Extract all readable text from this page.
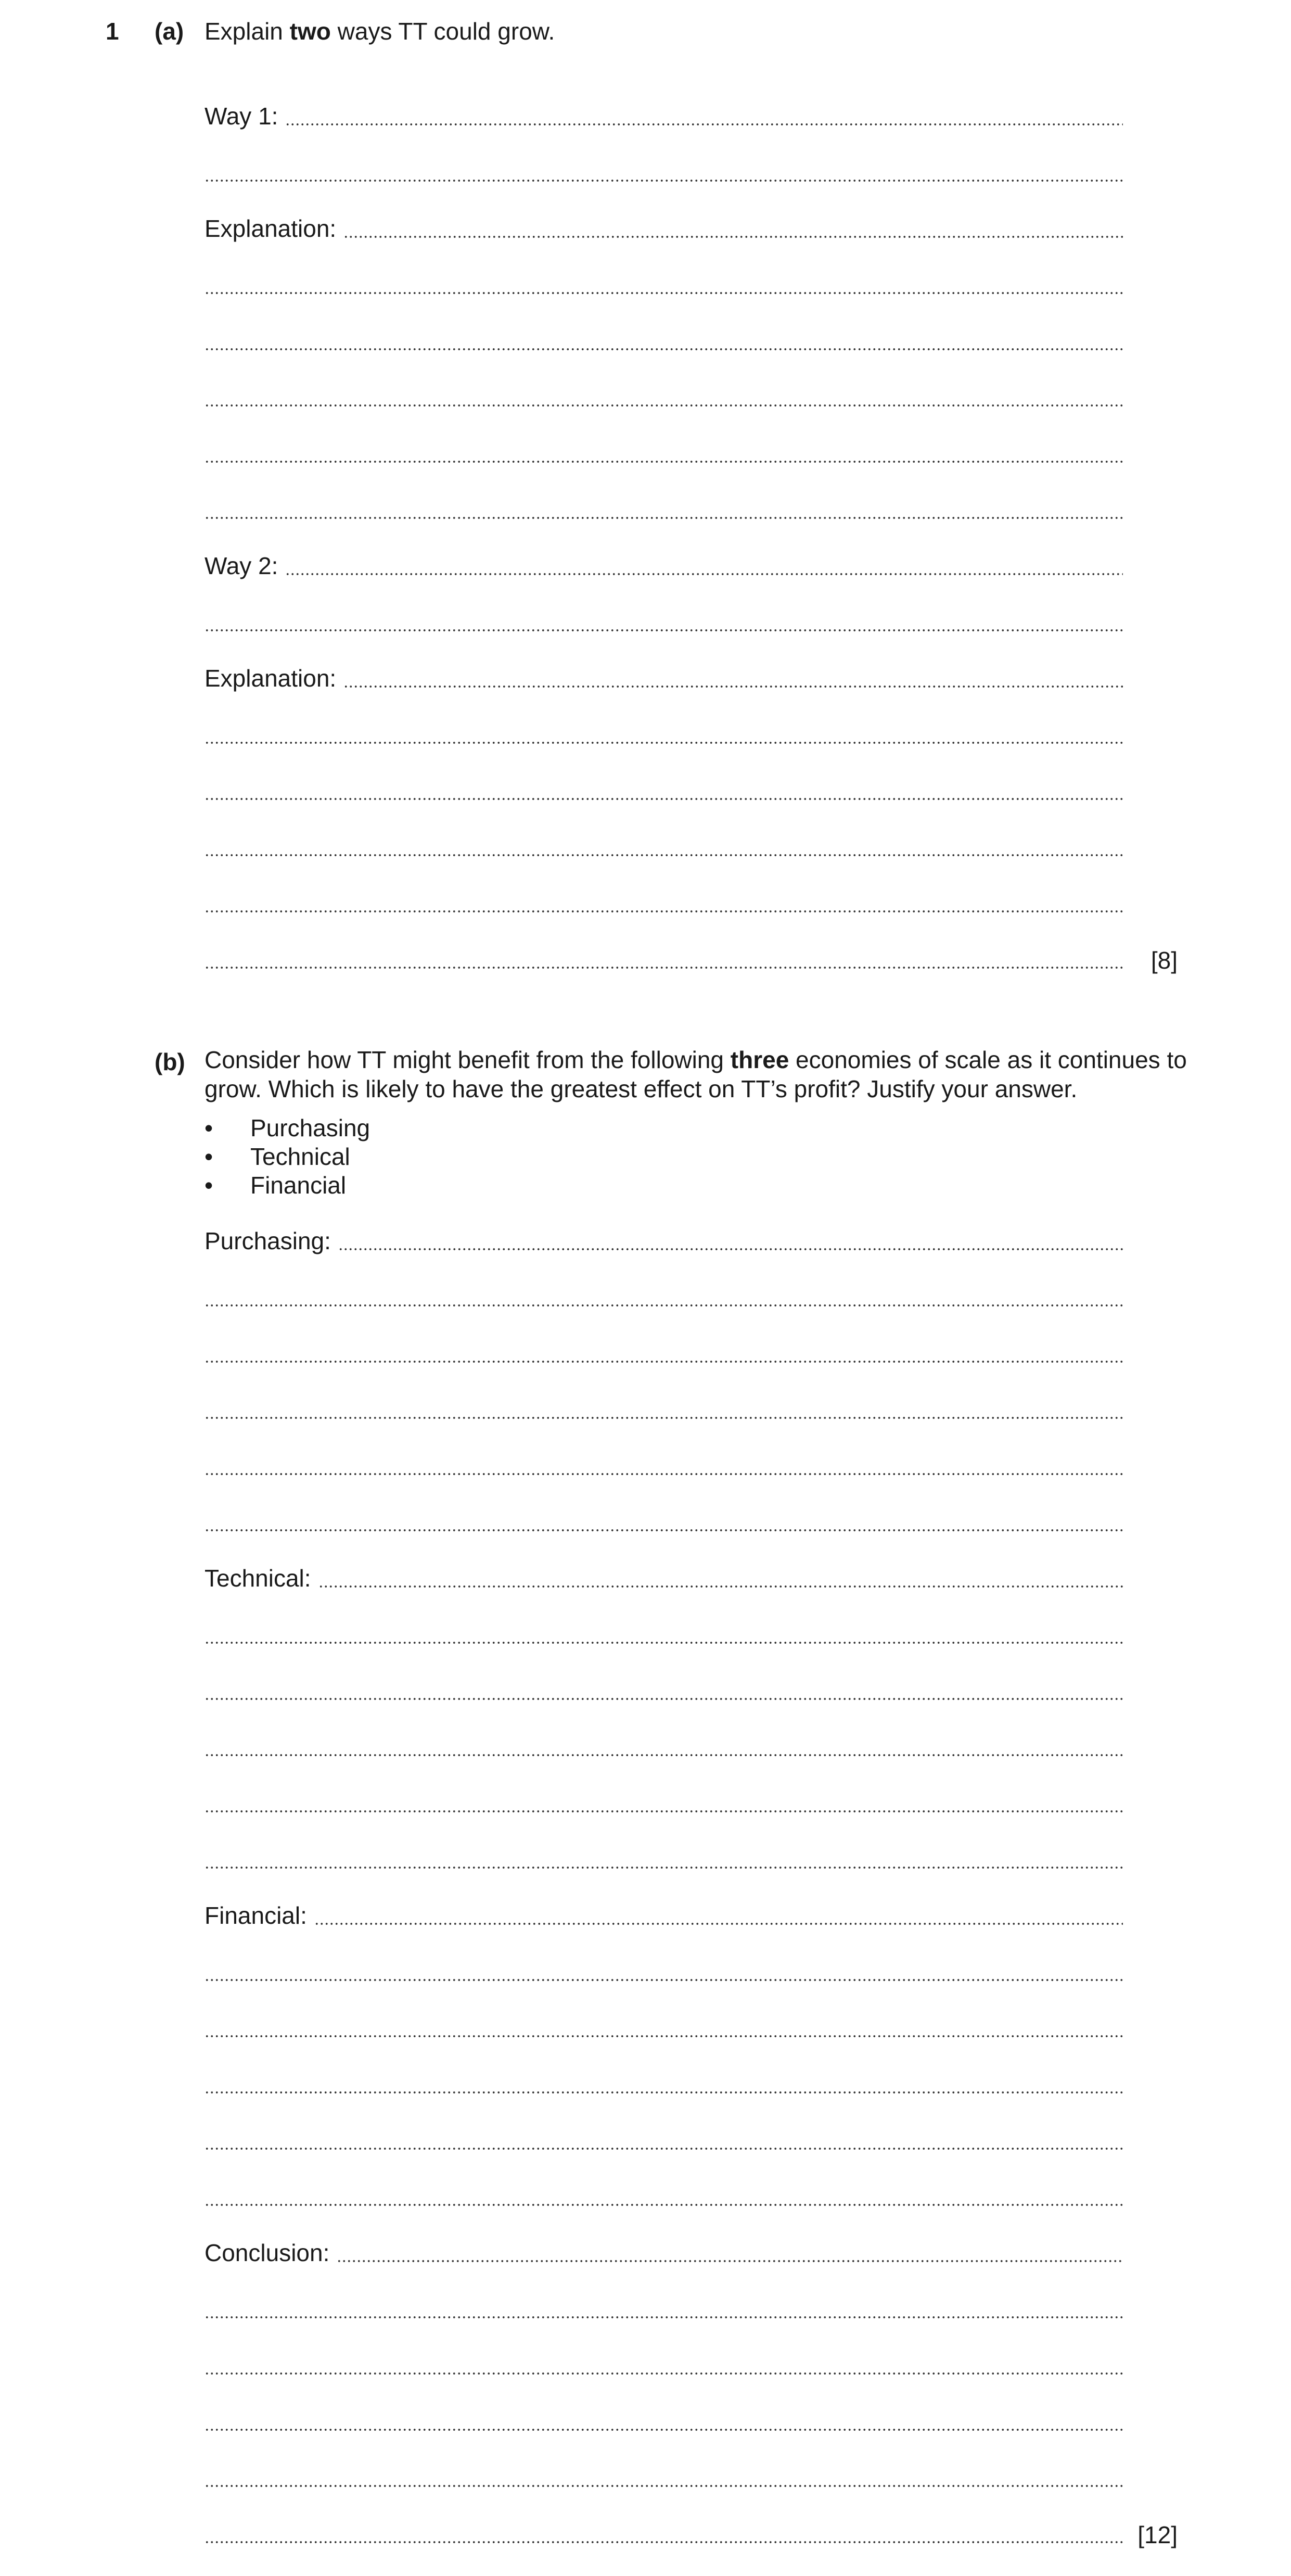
1 (a) Explain two ways TT could grow.
Way 1:
Explanation:
Way 2:
Explanation:
[8]
(b) Consider how TT might benefit from the following three economies of scale as it continues to grow. Which is likely to have the greatest effect on TT’s profit? Justify your answer.
• Purchasing
• Technical
• Financial
Purchasing:
Technical:
Financial:
Conclusion:
[12]
